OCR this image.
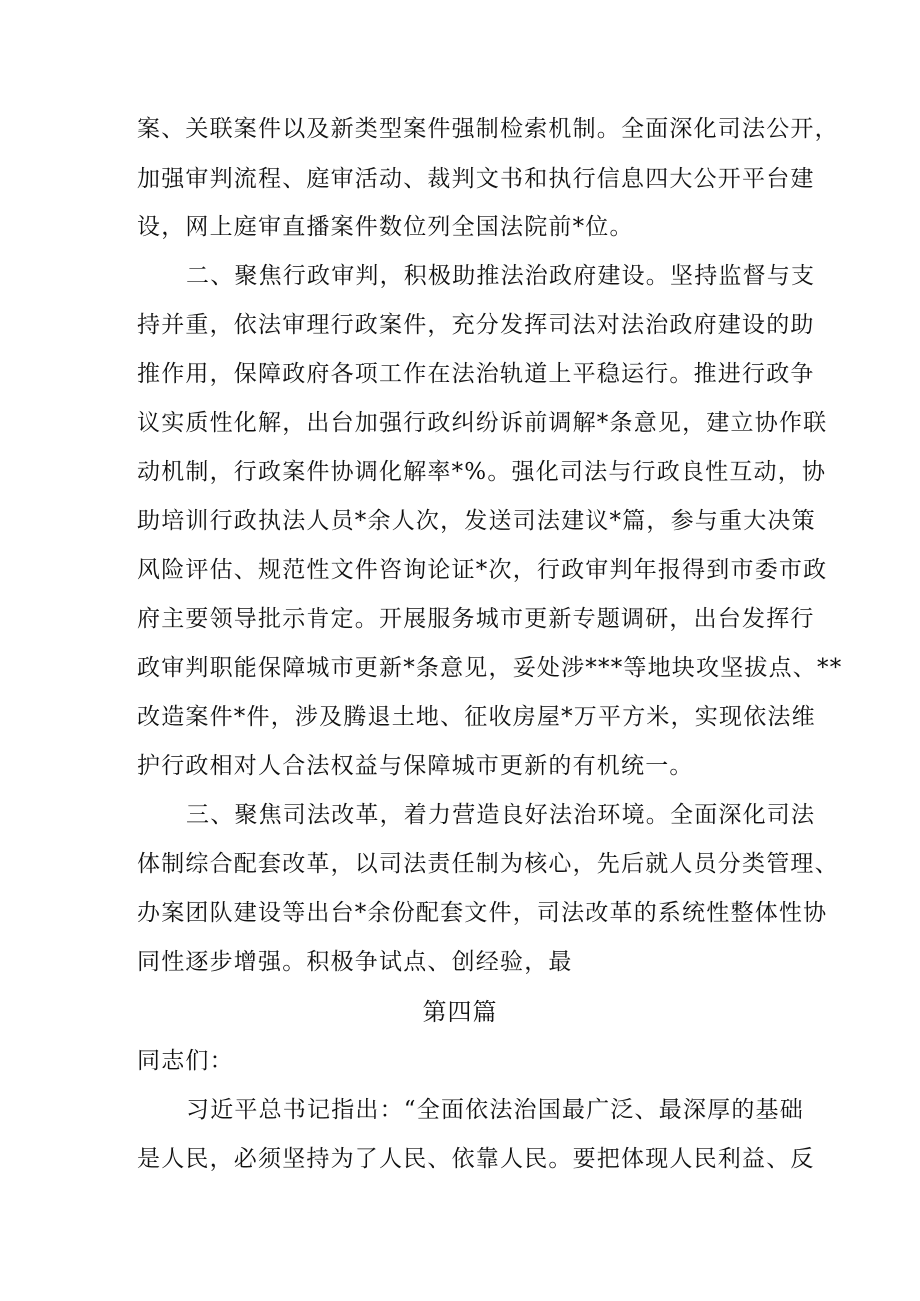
案、关联案件以及新类型案件强制检索机制。全面深化司法公开，
加强审判流程、庭审活动、裁判文书和执行信息四大公开平台建
设，网上庭审直播案件数位列全国法院前*位。
二、聚焦行政审判，积极助推法治政府建设。坚持监督与支
持并重，依法审理行政案件，充分发挥司法对法治政府建设的助
推作用，保障政府各项工作在法治轨道上平稳运行。推进行政争
议实质性化解，出台加强行政纠纷诉前调解*条意见，建立协作联
动机制，行政案件协调化解率*%。强化司法与行政良性互动，协
助培训行政执法人员*余人次，发送司法建议*篇，参与重大决策
风险评估、规范性文件咨询论证*次，行政审判年报得到市委市政
府主要领导批示肯定。开展服务城市更新专题调研，出台发挥行
政审判职能保障城市更新*条意见，妥处涉***等地块攻坚拔点、**
改造案件*件，涉及腾退土地、征收房屋*万平方米，实现依法维
护行政相对人合法权益与保障城市更新的有机统一。
三、聚焦司法改革，着力营造良好法治环境。全面深化司法
体制综合配套改革，以司法责任制为核心，先后就人员分类管理、
办案团队建设等出台*余份配套文件，司法改革的系统性整体性协
同性逐步增强。积极争试点、创经验，最
第四篇
同志们：
习近平总书记指出：“全面依法治国最广泛、最深厚的基础
是人民，必须坚持为了人民、依靠人民。要把体现人民利益、反
